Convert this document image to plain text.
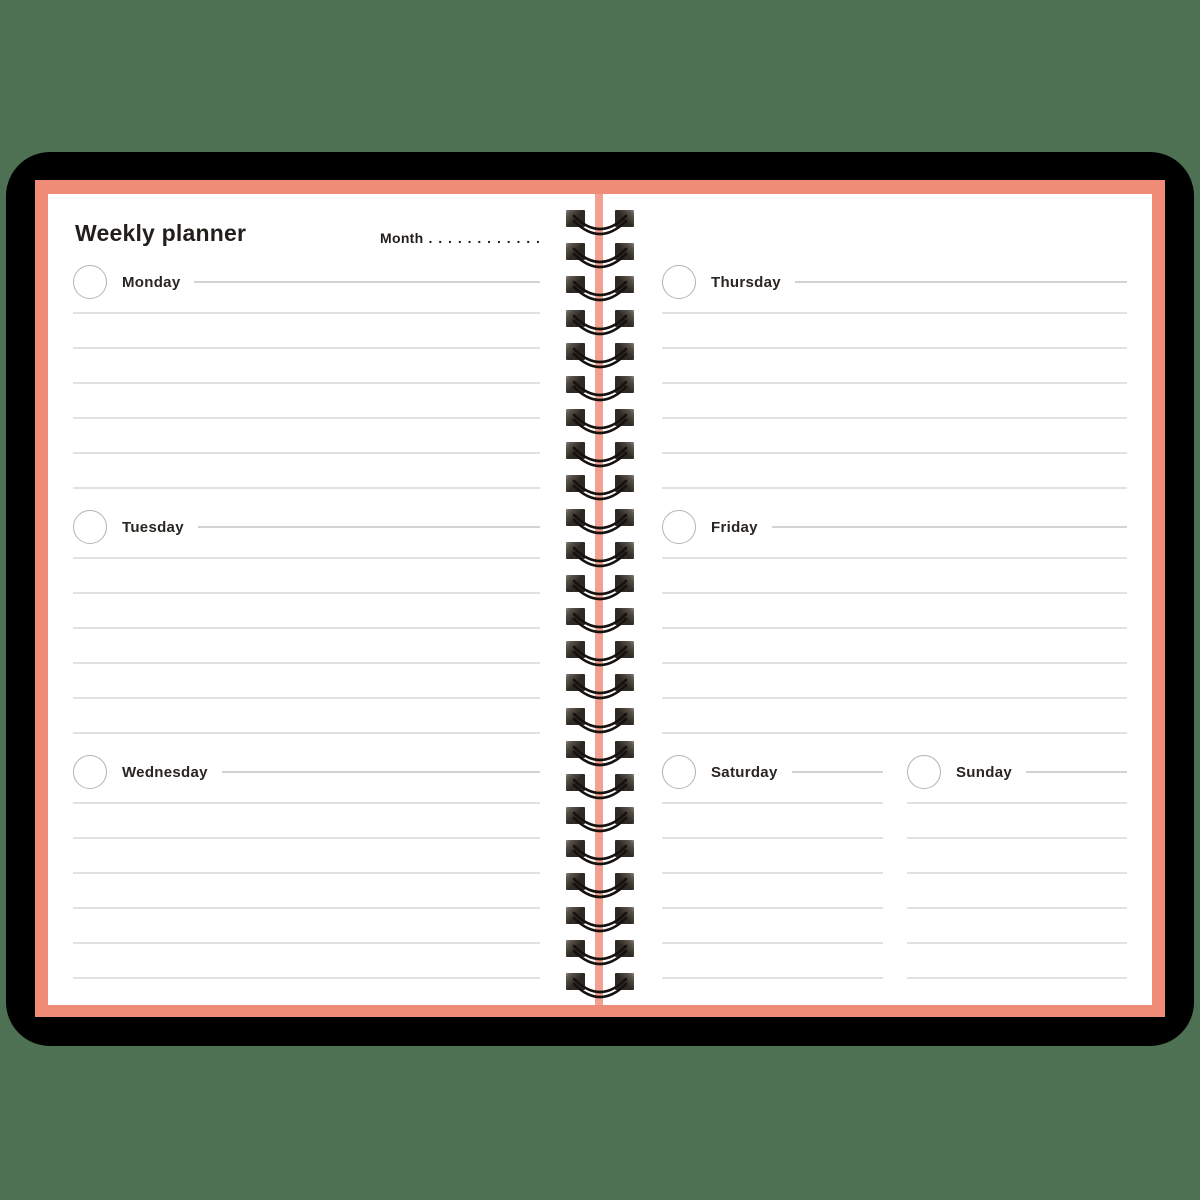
Weekly planner	Month . . . . . . . . . . . .
Monday
Tuesday
Wednesday
Thursday
Friday
Saturday	Sunday
